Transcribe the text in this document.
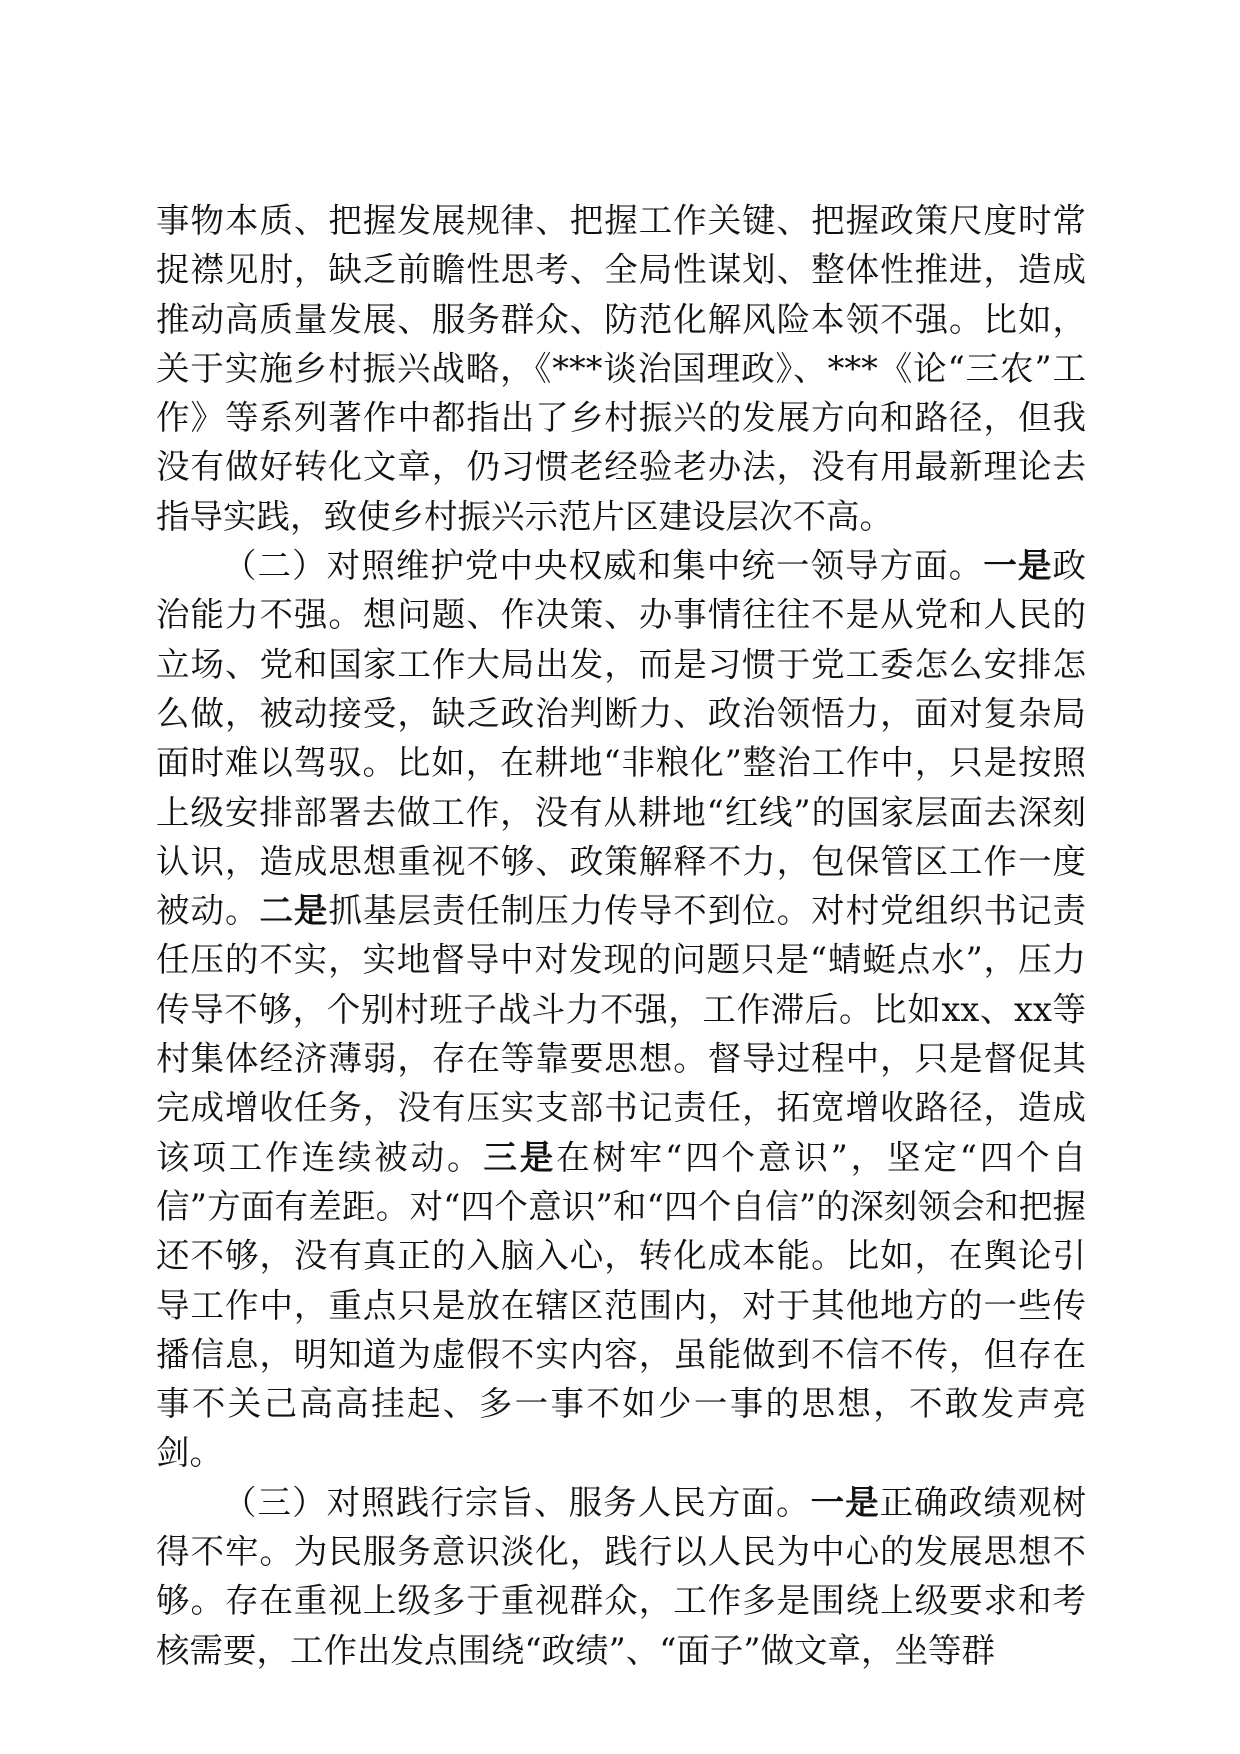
事物本质、把握发展规律、把握工作关键、把握政策尺度时常捉襟见肘，缺乏前瞻性思考、全局性谋划、整体性推进，造成推动高质量发展、服务群众、防范化解风险本领不强。比如，关于实施乡村振兴战略，《***谈治国理政》、***《论“三农”工作》等系列著作中都指出了乡村振兴的发展方向和路径，但我没有做好转化文章，仍习惯老经验老办法，没有用最新理论去指导实践，致使乡村振兴示范片区建设层次不高。

（二）对照维护党中央权威和集中统一领导方面。一是政治能力不强。想问题、作决策、办事情往往不是从党和人民的立场、党和国家工作大局出发，而是习惯于党工委怎么安排怎么做，被动接受，缺乏政治判断力、政治领悟力，面对复杂局面时难以驾驭。比如，在耕地“非粮化”整治工作中，只是按照上级安排部署去做工作，没有从耕地“红线”的国家层面去深刻认识，造成思想重视不够、政策解释不力，包保管区工作一度被动。二是抓基层责任制压力传导不到位。对村党组织书记责任压的不实，实地督导中对发现的问题只是“蜻蜓点水”，压力传导不够，个别村班子战斗力不强，工作滞后。比如xx、xx等村集体经济薄弱，存在等靠要思想。督导过程中，只是督促其完成增收任务，没有压实支部书记责任，拓宽增收路径，造成该项工作连续被动。三是在树牢“四个意识”，坚定“四个自信”方面有差距。对“四个意识”和“四个自信”的深刻领会和把握还不够，没有真正的入脑入心，转化成本能。比如，在舆论引导工作中，重点只是放在辖区范围内，对于其他地方的一些传播信息，明知道为虚假不实内容，虽能做到不信不传，但存在事不关己高高挂起、多一事不如少一事的思想，不敢发声亮剑。

（三）对照践行宗旨、服务人民方面。一是正确政绩观树得不牢。为民服务意识淡化，践行以人民为中心的发展思想不够。存在重视上级多于重视群众，工作多是围绕上级要求和考核需要，工作出发点围绕“政绩”、“面子”做文章，坐等群
